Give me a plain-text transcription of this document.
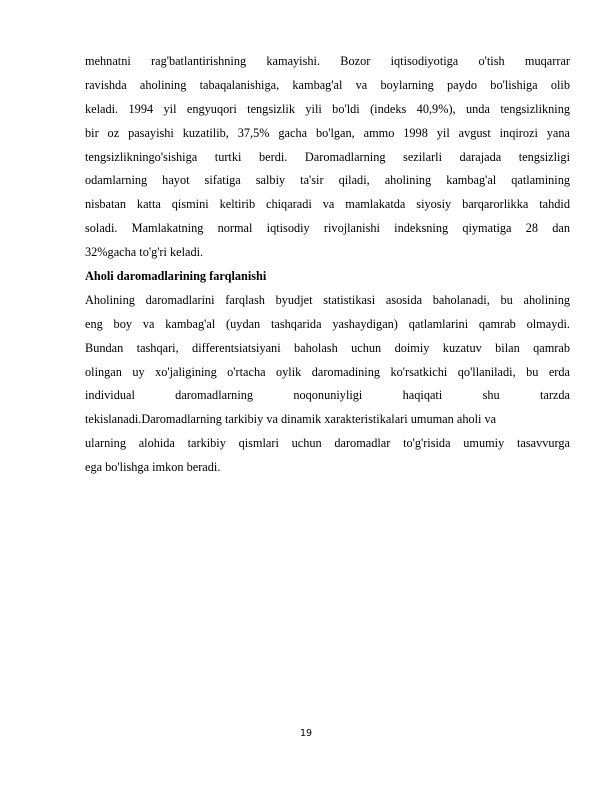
mehnatni rag'batlantirishning kamayishi. Bozor iqtisodiyotiga o'tish muqarrar
ravishda aholining tabaqalanishiga, kambag'al va boylarning paydo bo'lishiga olib
keladi. 1994 yil engyuqori tengsizlik yili bo'ldi (indeks 40,9%), unda tengsizlikning
bir oz pasayishi kuzatilib, 37,5% gacha bo'lgan, ammo 1998 yil avgust inqirozi yana
tengsizlikningo'sishiga turtki berdi. Daromadlarning sezilarli darajada tengsizligi
odamlarning hayot sifatiga salbiy ta'sir qiladi, aholining kambag'al qatlamining
nisbatan katta qismini keltirib chiqaradi va mamlakatda siyosiy barqarorlikka tahdid
soladi. Mamlakatning normal iqtisodiy rivojlanishi indeksning qiymatiga 28 dan
32%gacha to'g'ri keladi.
Aholi daromadlarining farqlanishi
Aholining daromadlarini farqlash byudjet statistikasi asosida baholanadi, bu aholining
eng boy va kambag'al (uydan tashqarida yashaydigan) qatlamlarini qamrab olmaydi.
Bundan tashqari, differentsiatsiyani baholash uchun doimiy kuzatuv bilan qamrab
olingan uy xo'jaligining o'rtacha oylik daromadining ko'rsatkichi qo'llaniladi, bu erda
individual daromadlarning noqonuniyligi haqiqati shu tarzda
tekislanadi.Daromadlarning tarkibiy va dinamik xarakteristikalari umuman aholi va
ularning alohida tarkibiy qismlari uchun daromadlar to'g'risida umumiy tasavvurga
ega bo'lishga imkon beradi.
19
